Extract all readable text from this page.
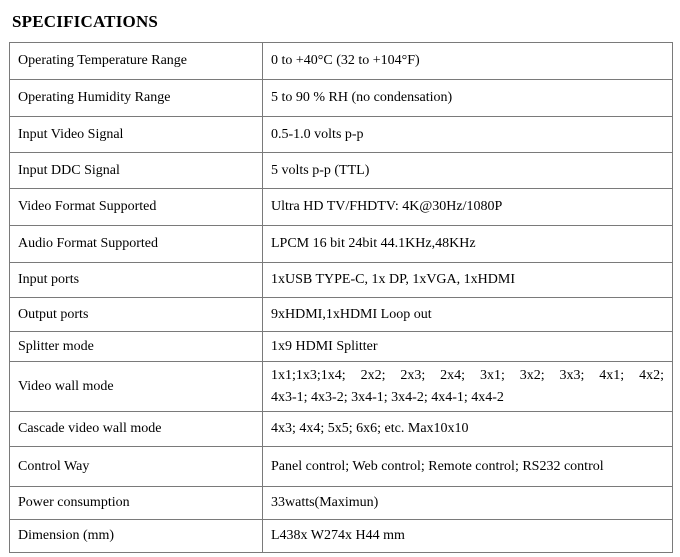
SPECIFICATIONS
Operating Temperature Range	0 to +40°C (32 to +104°F)
Operating Humidity Range	5 to 90 % RH (no condensation)
Input Video Signal	0.5-1.0 volts p-p
Input DDC Signal	5 volts p-p (TTL)
Video Format Supported	Ultra HD TV/FHDTV: 4K@30Hz/1080P
Audio Format Supported	LPCM 16 bit 24bit 44.1KHz,48KHz
Input ports	1xUSB TYPE-C, 1x DP, 1xVGA, 1xHDMI
Output ports	9xHDMI,1xHDMI Loop out
Splitter mode	1x9 HDMI Splitter
Video wall mode	1x1;1x3;1x4; 2x2; 2x3; 2x4; 3x1; 3x2; 3x3; 4x1; 4x2;
4x3-1; 4x3-2; 3x4-1; 3x4-2; 4x4-1; 4x4-2

Cascade video wall mode	4x3; 4x4; 5x5; 6x6; etc. Max10x10
Control Way	Panel control; Web control; Remote control; RS232 control
Power consumption	33watts(Maximun)
Dimension (mm)	L438x W274x H44 mm
